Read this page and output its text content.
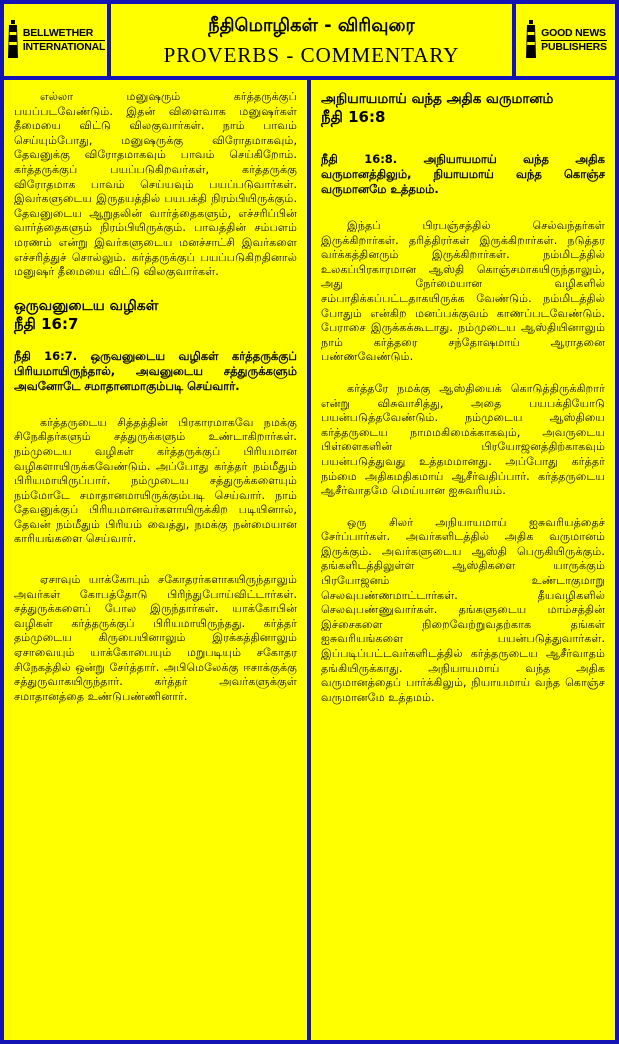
BELLWETHER
INTERNATIONAL
நீதிமொழிகள் - விரிவுரை
PROVERBS - COMMENTARY
GOOD NEWS
PUBLISHERS

எல்லா மனுஷரும் கர்த்தருக்குப் பயப்படவேண்டும். இதன் விளைவாக மனுஷர்கள் தீமையை விட்டு விலகுவார்கள். நாம் பாவம் செய்யும்போது, மனுஷருக்கு விரோதமாகவும், தேவனுக்கு விரோதமாகவும் பாவம் செய்கிறோம். கர்த்தருக்குப் பயப்படுகிறவர்கள், கர்த்தருக்கு விரோதமாக பாவம் செய்யவும் பயப்படுவார்கள். இவர்களுடைய இருதயத்தில் பயபக்தி நிரம்பியிருக்கும். தேவனுடைய ஆறுதலின் வார்த்தைகளும், எச்சரிப்பின் வார்த்தைகளும் நிரம்பியிருக்கும். பாவத்தின் சம்பளம் மரணம் என்று இவர்களுடைய மனச்சாட்சி இவர்களை எச்சரித்துச் சொல்லும். கர்த்தருக்குப் பயப்படுகிறதினால் மனுஷர் தீமையை விட்டு விலகுவார்கள்.

ஒருவனுடைய வழிகள்
நீதி 16:7

நீதி 16:7. ஒருவனுடைய வழிகள் கர்த்தருக்குப் பிரியமாயிருந்தால், அவனுடைய சத்துருக்களும் அவனோடே சமாதானமாகும்படி செய்வார்.

கர்த்தருடைய சித்தத்தின் பிரகாரமாகவே நமக்கு சிநேகிதர்களும் சத்துருக்களும் உண்டாகிறார்கள். நம்முடைய வழிகள் கர்த்தருக்குப் பிரியமான வழிகளாயிருக்கவேண்டும். அப்போது கர்த்தர் நம்மீதும் பிரியமாயிருப்பார். நம்முடைய சத்துருக்களையும் நம்மோடே சமாதானமாயிருக்கும்படி செய்வார். நாம் தேவனுக்குப் பிரியமானவர்களாயிருக்கிற படியினால், தேவன் நம்மீதும் பிரியம் வைத்து, நமக்கு நன்மையான காரியங்களை செய்வார்.

ஏசாவும் யாக்கோபும் சகோதரர்களாகயிருந்தாலும் அவர்கள் கோபத்தோடு பிரிந்துபோய்விட்டார்கள். சத்துருக்களைப் போல இருந்தார்கள். யாக்கோபின் வழிகள் கர்த்தருக்குப் பிரியமாயிருந்தது. கர்த்தர் தம்முடைய கிருபையினாலும் இரக்கத்தினாலும் ஏசாவையும் யாக்கோபையும் மறுபடியும் சகோதர சிநேகத்தில் ஒன்று சேர்த்தார். அபிமெலேக்கு ஈசாக்குக்கு சத்துருவாகயிருந்தார். கர்த்தர் அவர்களுக்குள் சமாதானத்தை உண்டுபண்ணினார்.

அநியாயமாய் வந்த அதிக வருமானம்
நீதி 16:8

நீதி 16:8. அநியாயமாய் வந்த அதிக வருமானத்திலும், நியாயமாய் வந்த கொஞ்ச வருமானமே உத்தமம்.

இந்தப் பிரபஞ்சத்தில் செல்வந்தர்கள் இருக்கிறார்கள். தரித்திரர்கள் இருக்கிறார்கள். நடுத்தர வர்க்கத்தினரும் இருக்கிறார்கள். நம்மிடத்தில் உலகப்பிரகாரமான ஆஸ்தி கொஞ்சமாகயிருந்தாலும், அது நேர்மையான வழிகளில் சம்பாதிக்கப்பட்டதாகயிருக்க வேண்டும். நம்மிடத்தில் போதும் என்கிற மனப்பக்குவம் காணப்படவேண்டும். பேராசை இருக்கக்கூடாது. நம்முடைய ஆஸ்தியினாலும் நாம் கர்த்தரை சந்தோஷமாய் ஆராதனை பண்ணவேண்டும்.

கர்த்தரே நமக்கு ஆஸ்தியைக் கொடுத்திருக்கிறார் என்று விசுவாசித்து, அதை பயபக்தியோடு பயன்படுத்தவேண்டும். நம்முடைய ஆஸ்தியை கர்த்தருடைய நாமமகிமைக்காகவும், அவருடைய பிள்ளைகளின் பிரயோஜனத்திற்காகவும் பயன்படுத்துவது உத்தமமானது. அப்போது கர்த்தர் நம்மை அதிகமதிகமாய் ஆசீர்வதிப்பார். கர்த்தருடைய ஆசீர்வாதமே மெய்யான ஐசுவரியம்.

ஒரு சிலர் அநியாயமாய் ஐசுவரியத்தைச் சேர்ப்பார்கள். அவர்களிடத்தில் அதிக வருமானம் இருக்கும். அவர்களுடைய ஆஸ்தி பெருகியிருக்கும். தங்களிடத்திலுள்ள ஆஸ்திகளை யாருக்கும் பிரயோஜனம் உண்டாகுமாறு செலவுபண்ணமாட்டார்கள். தீயவழிகளில் செலவுபண்ணுவார்கள். தங்களுடைய மாம்சத்தின் இச்சைகளை நிறைவேற்றுவதற்காக தங்கள் ஐசுவரியங்களை பயன்படுத்துவார்கள். இப்படிப்பட்டவர்களிடத்தில் கர்த்தருடைய ஆசீர்வாதம் தங்கியிருக்காது. அநியாயமாய் வந்த அதிக வருமானத்தைப் பார்க்கிலும், நியாயமாய் வந்த கொஞ்ச வருமானமே உத்தமம்.
